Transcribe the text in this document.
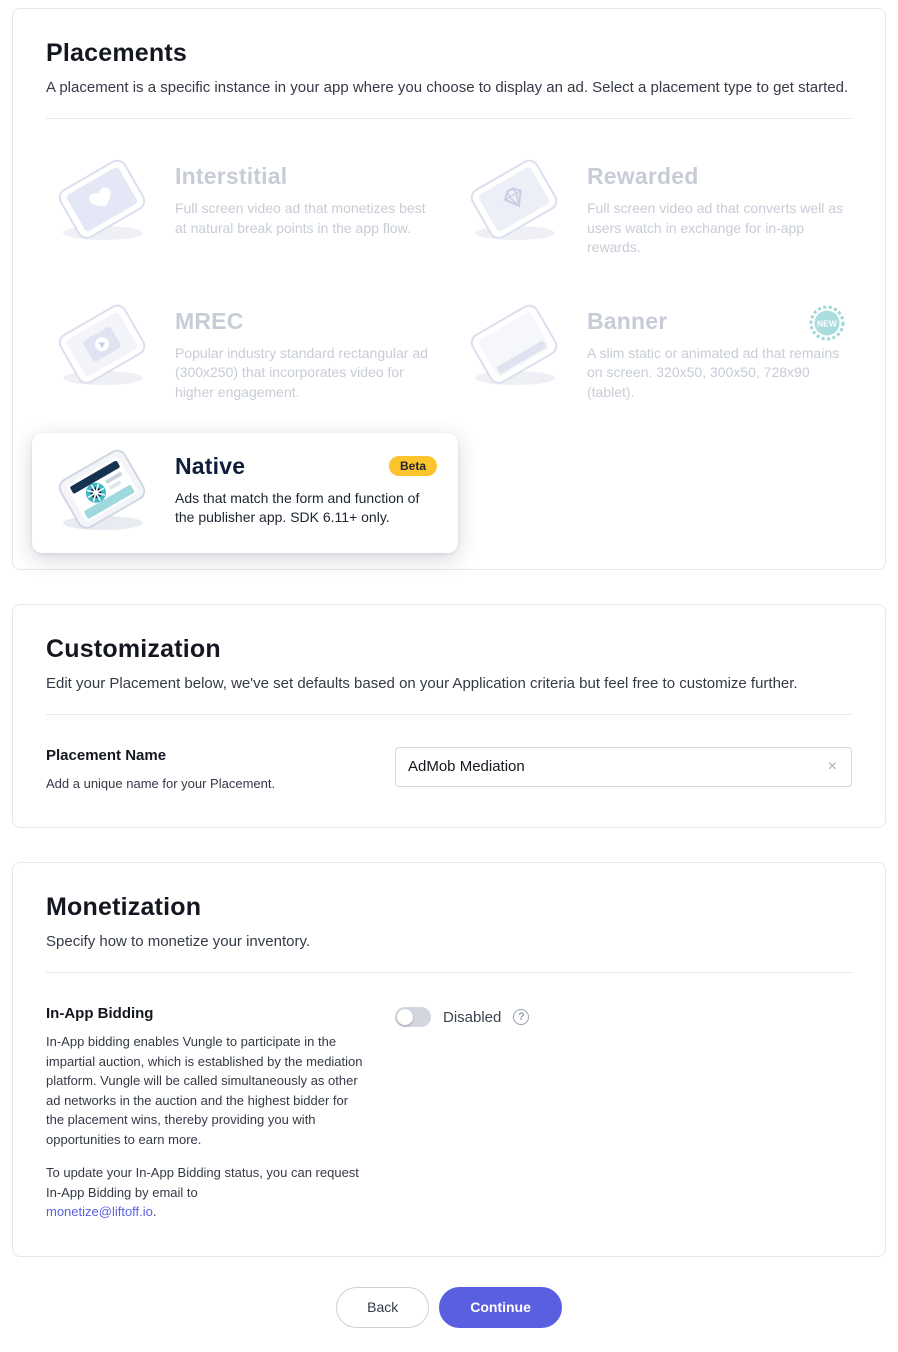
Placements

A placement is a specific instance in your app where you choose to display an ad. Select a placement type to get started.

Interstitial
Full screen video ad that monetizes best at natural break points in the app flow.
Rewarded
Full screen video ad that converts well as users watch in exchange for in-app rewards.
MREC
Popular industry standard rectangular ad (300x250) that incorporates video for higher engagement.
Banner
A slim static or animated ad that remains on screen. 320x50, 300x50, 728x90 (tablet).
NEW
Native	Beta
Ads that match the form and function of the publisher app. SDK 6.11+ only.
Customization

Edit your Placement below, we've set defaults based on your Application criteria but feel free to customize further.

Placement Name
Add a unique name for your Placement.
AdMob Mediation
×
Monetization

Specify how to monetize your inventory.

In-App Bidding

In-App bidding enables Vungle to participate in the impartial auction, which is established by the mediation platform. Vungle will be called simultaneously as other ad networks in the auction and the highest bidder for the placement wins, thereby providing you with opportunities to earn more.

To update your In-App Bidding status, you can request In-App Bidding by email to
monetize@liftoff.io.

Disabled	?
Back	Continue
